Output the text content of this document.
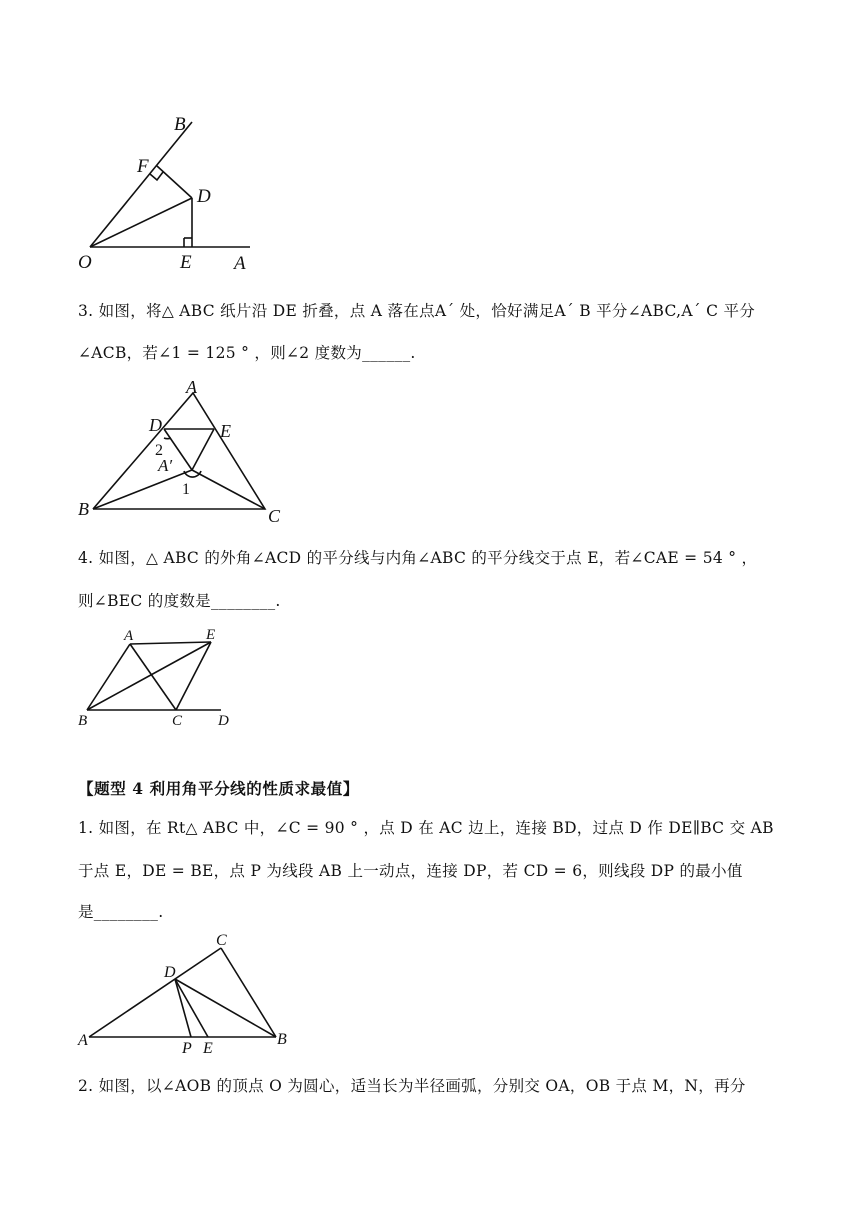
B
F
D
O	E A
3. 如图，将△ ABC 纸片沿 DE 折叠，点 A 落在点A´ 处，恰好满足A´ B 平分∠ABC,A´ C 平分
∠ACB，若∠1 = 125 ° ，则∠2 度数为______.
A
D	E
2
A′
1
B	C
4. 如图，△ ABC 的外角∠ACD 的平分线与内角∠ABC 的平分线交于点 E，若∠CAE = 54 ° ，
则∠BEC 的度数是________.
A	E
B	C D
【题型 4 利用角平分线的性质求最值】
1. 如图，在 Rt△ ABC 中，∠C = 90 ° ，点 D 在 AC 边上，连接 BD，过点 D 作 DE∥BC 交 AB
于点 E，DE = BE，点 P 为线段 AB 上一动点，连接 DP，若 CD = 6，则线段 DP 的最小值
是________.
C
D
A	P E
B
2. 如图，以∠AOB 的顶点 O 为圆心，适当长为半径画弧，分别交 OA，OB 于点 M，N，再分
